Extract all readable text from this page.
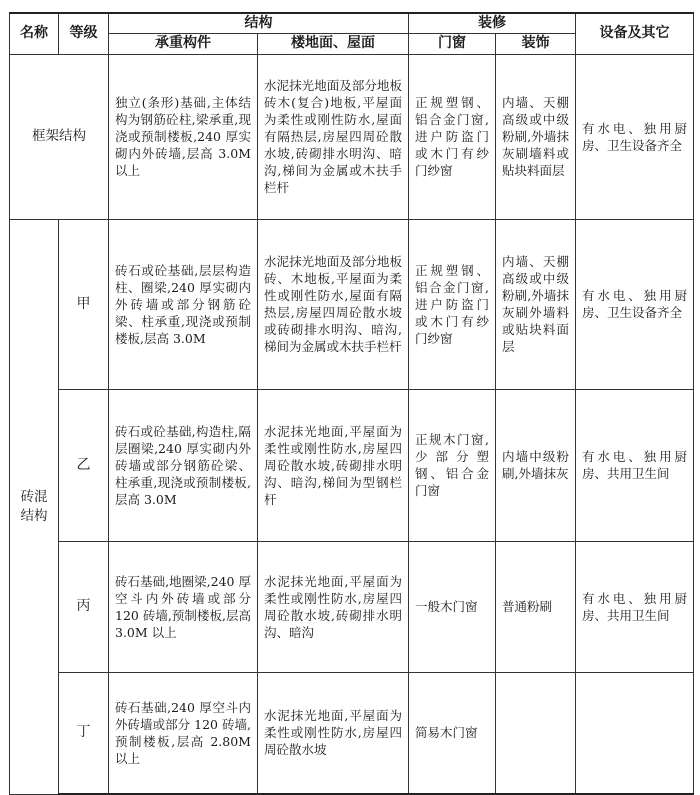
名称	等级	结构		装修		设备及其它
		承重构件	楼地面、屋面	门窗	装饰	
框架结构		独立(条形)基础,主体结构为钢筋砼柱,梁承重,现浇或预制楼板,240 厚实砌内外砖墙,层高 3.0M 以上	水泥抹光地面及部分地板砖木(复合)地板,平屋面为柔性或刚性防水,屋面有隔热层,房屋四周砼散水坡,砖砌排水明沟、暗沟,梯间为金属或木扶手栏杆	正规塑钢、铝合金门窗,进户防盗门或木门有纱门纱窗	内墙、天棚高级或中级粉刷,外墙抹灰刷墙料或贴块料面层	有水电、独用厨房、卫生设备齐全
砖混结构	甲	砖石或砼基础,层层构造柱、圈梁,240 厚实砌内外砖墙或部分钢筋砼梁、柱承重,现浇或预制楼板,层高 3.0M	水泥抹光地面及部分地板砖、木地板,平屋面为柔性或刚性防水,屋面有隔热层,房屋四周砼散水坡或砖砌排水明沟、暗沟,梯间为金属或木扶手栏杆	正规塑钢、铝合金门窗,进户防盗门或木门有纱门纱窗	内墙、天棚高级或中级粉刷,外墙抹灰刷外墙料或贴块料面层	有水电、独用厨房、卫生设备齐全
	乙	砖石或砼基础,构造柱,隔层圈梁,240 厚实砌内外砖墙或部分钢筋砼梁、柱承重,现浇或预制楼板,层高 3.0M	水泥抹光地面,平屋面为柔性或刚性防水,房屋四周砼散水坡,砖砌排水明沟、暗沟,梯间为型钢栏杆	正规木门窗,少部分塑钢、铝合金门窗	内墙中级粉刷,外墙抹灰	有水电、独用厨房、共用卫生间
	丙	砖石基础,地圈梁,240 厚空斗内外砖墙或部分 120 砖墙,预制楼板,层高 3.0M 以上	水泥抹光地面,平屋面为柔性或刚性防水,房屋四周砼散水坡,砖砌排水明沟、暗沟	一般木门窗	普通粉刷	有水电、独用厨房、共用卫生间
	丁	砖石基础,240 厚空斗内外砖墙或部分 120 砖墙,预制楼板,层高 2.80M 以上	水泥抹光地面,平屋面为柔性或刚性防水,房屋四周砼散水坡	简易木门窗		
